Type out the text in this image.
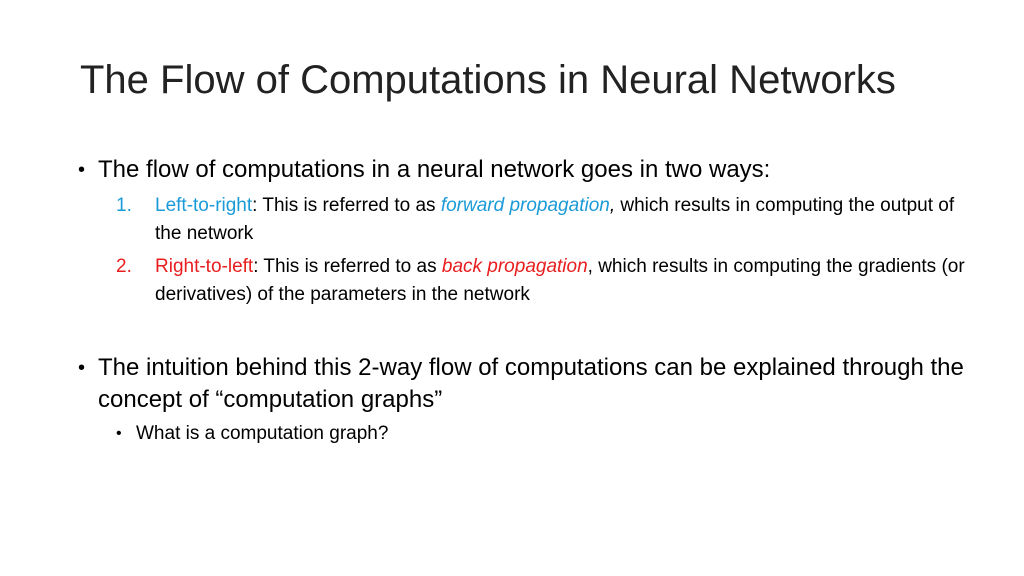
The Flow of Computations in Neural Networks
• The flow of computations in a neural network goes in two ways:
1. Left-to-right: This is referred to as forward propagation, which results in computing the output of the network
2. Right-to-left: This is referred to as back propagation, which results in computing the gradients (or derivatives) of the parameters in the network
• The intuition behind this 2-way flow of computations can be explained through the concept of “computation graphs”
• What is a computation graph?
